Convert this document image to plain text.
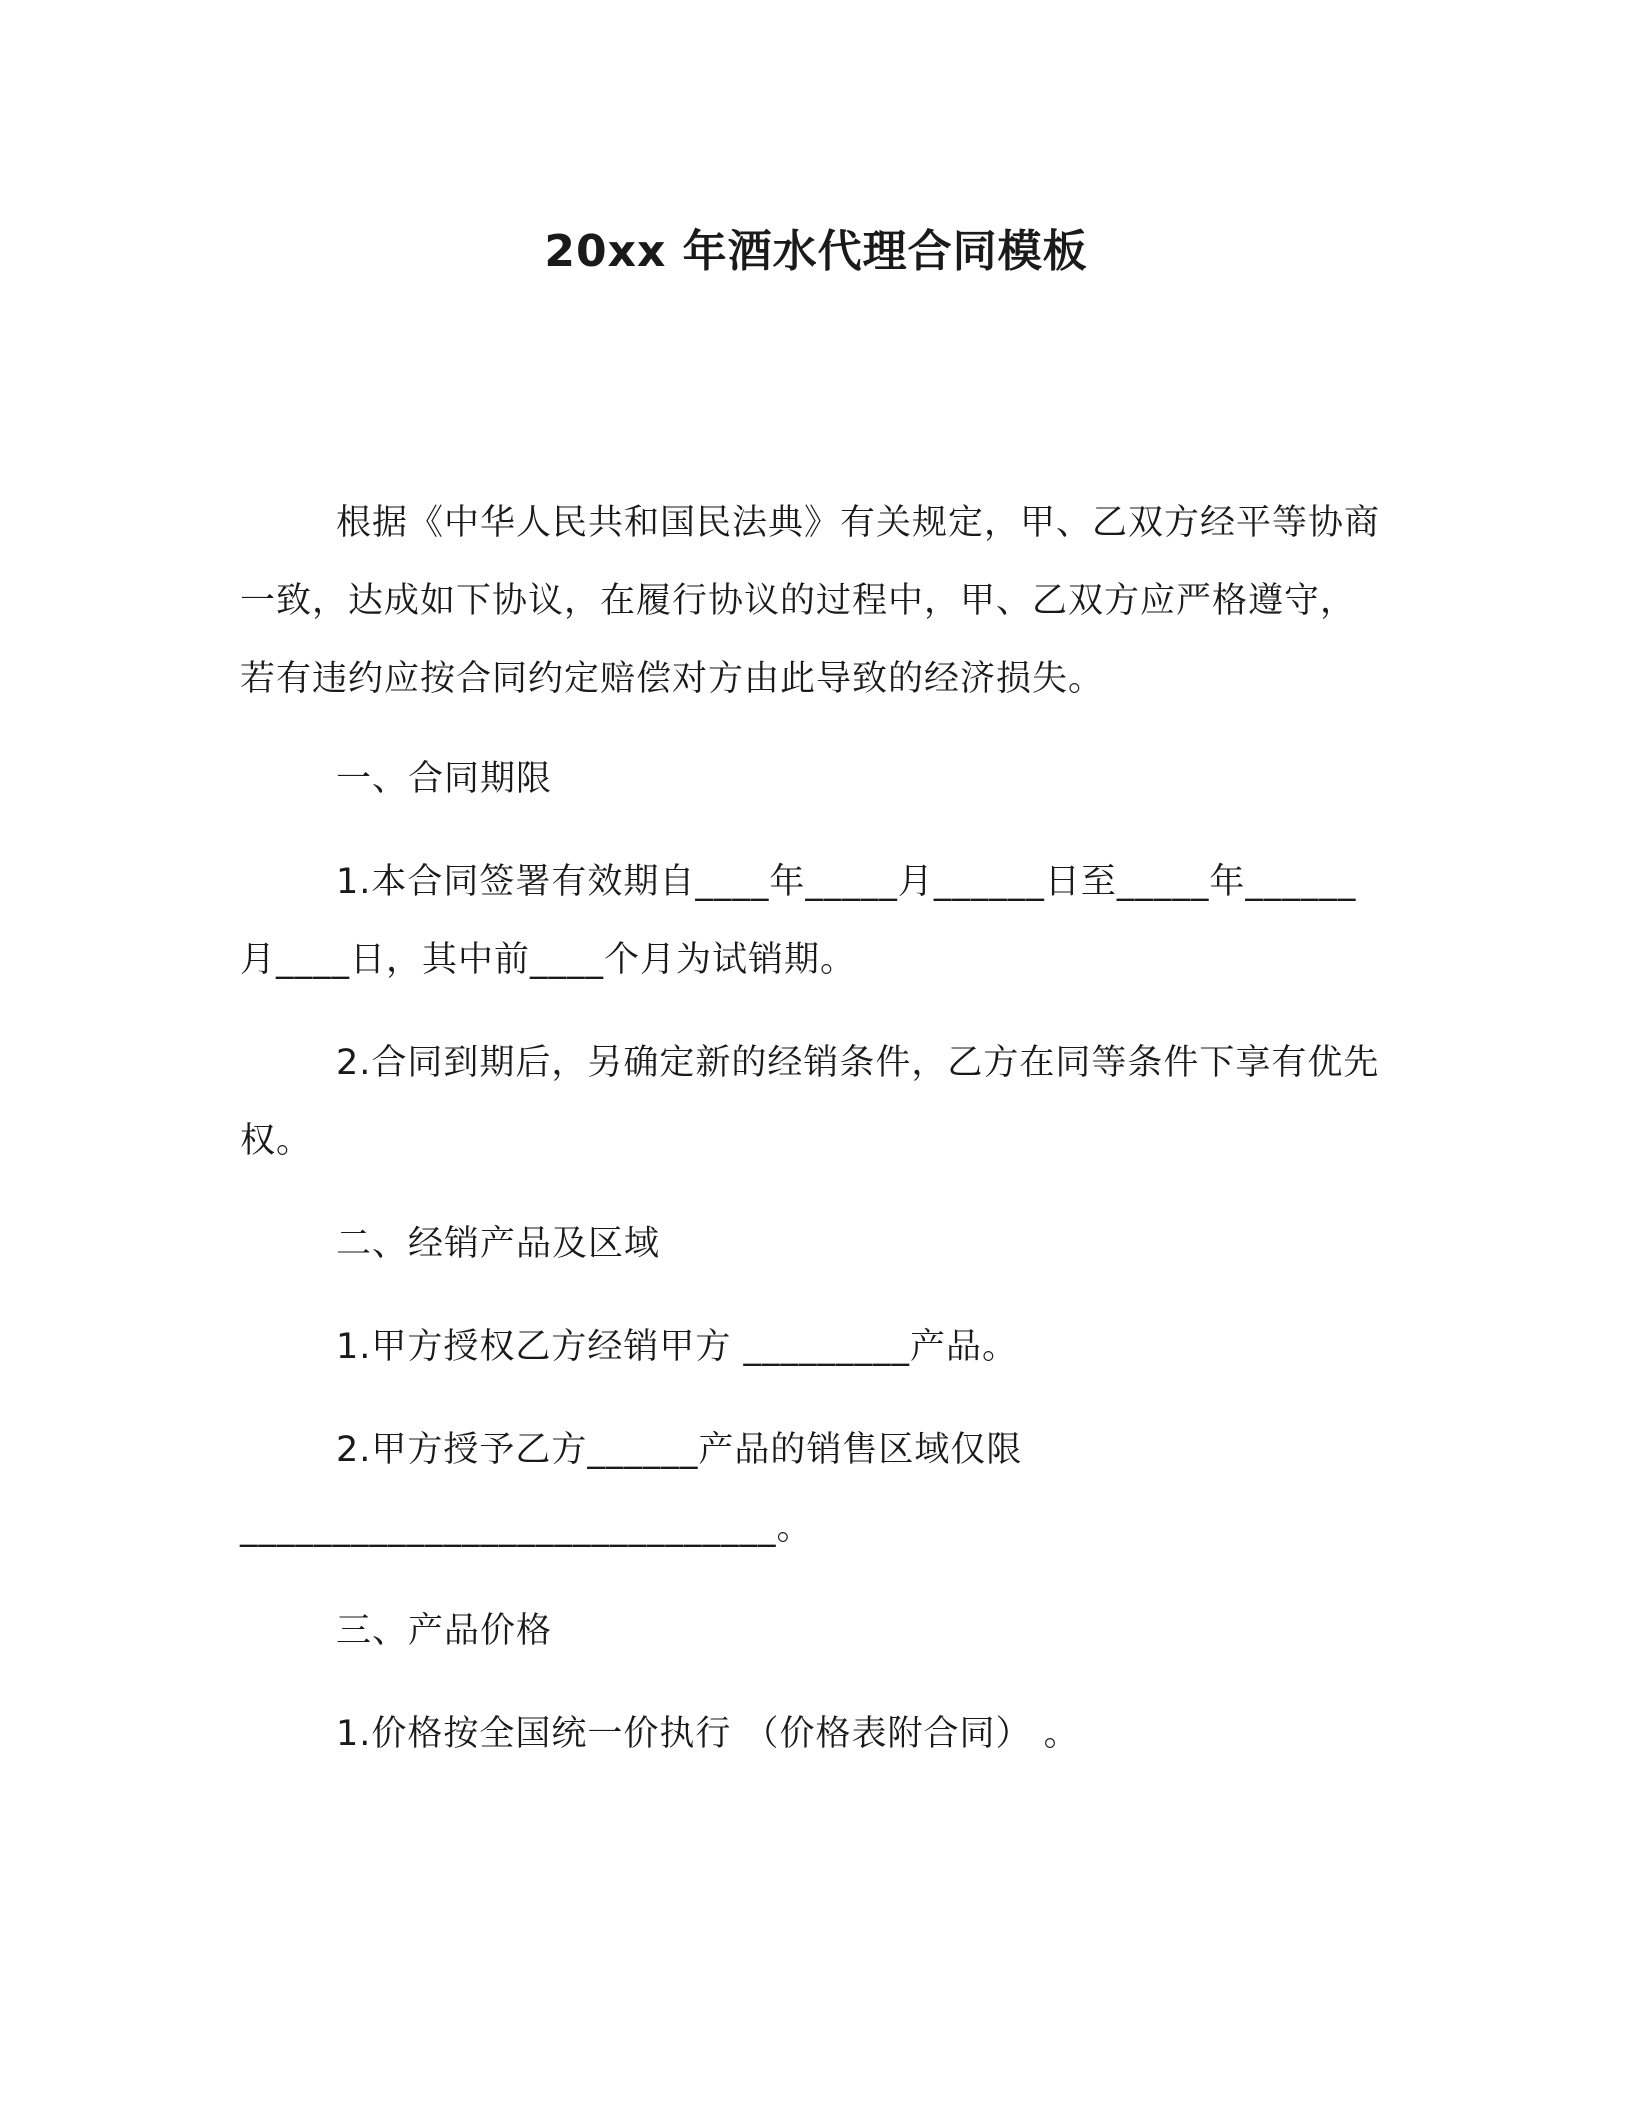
20xx 年酒水代理合同模板

根据《中华人民共和国民法典》有关规定，甲、乙双方经平等协商一致，达成如下协议，在履行协议的过程中，甲、乙双方应严格遵守，若有违约应按合同约定赔偿对方由此导致的经济损失。

一、合同期限

1.本合同签署有效期自____年_____月______日至_____年______ 月____日，其中前____个月为试销期。

2.合同到期后，另确定新的经销条件，乙方在同等条件下享有优先权。

二、经销产品及区域

1.甲方授权乙方经销甲方 _________产品。

2.甲方授予乙方______产品的销售区域仅限_____________________________。

三、产品价格

1.价格按全国统一价执行 （价格表附合同） 。
